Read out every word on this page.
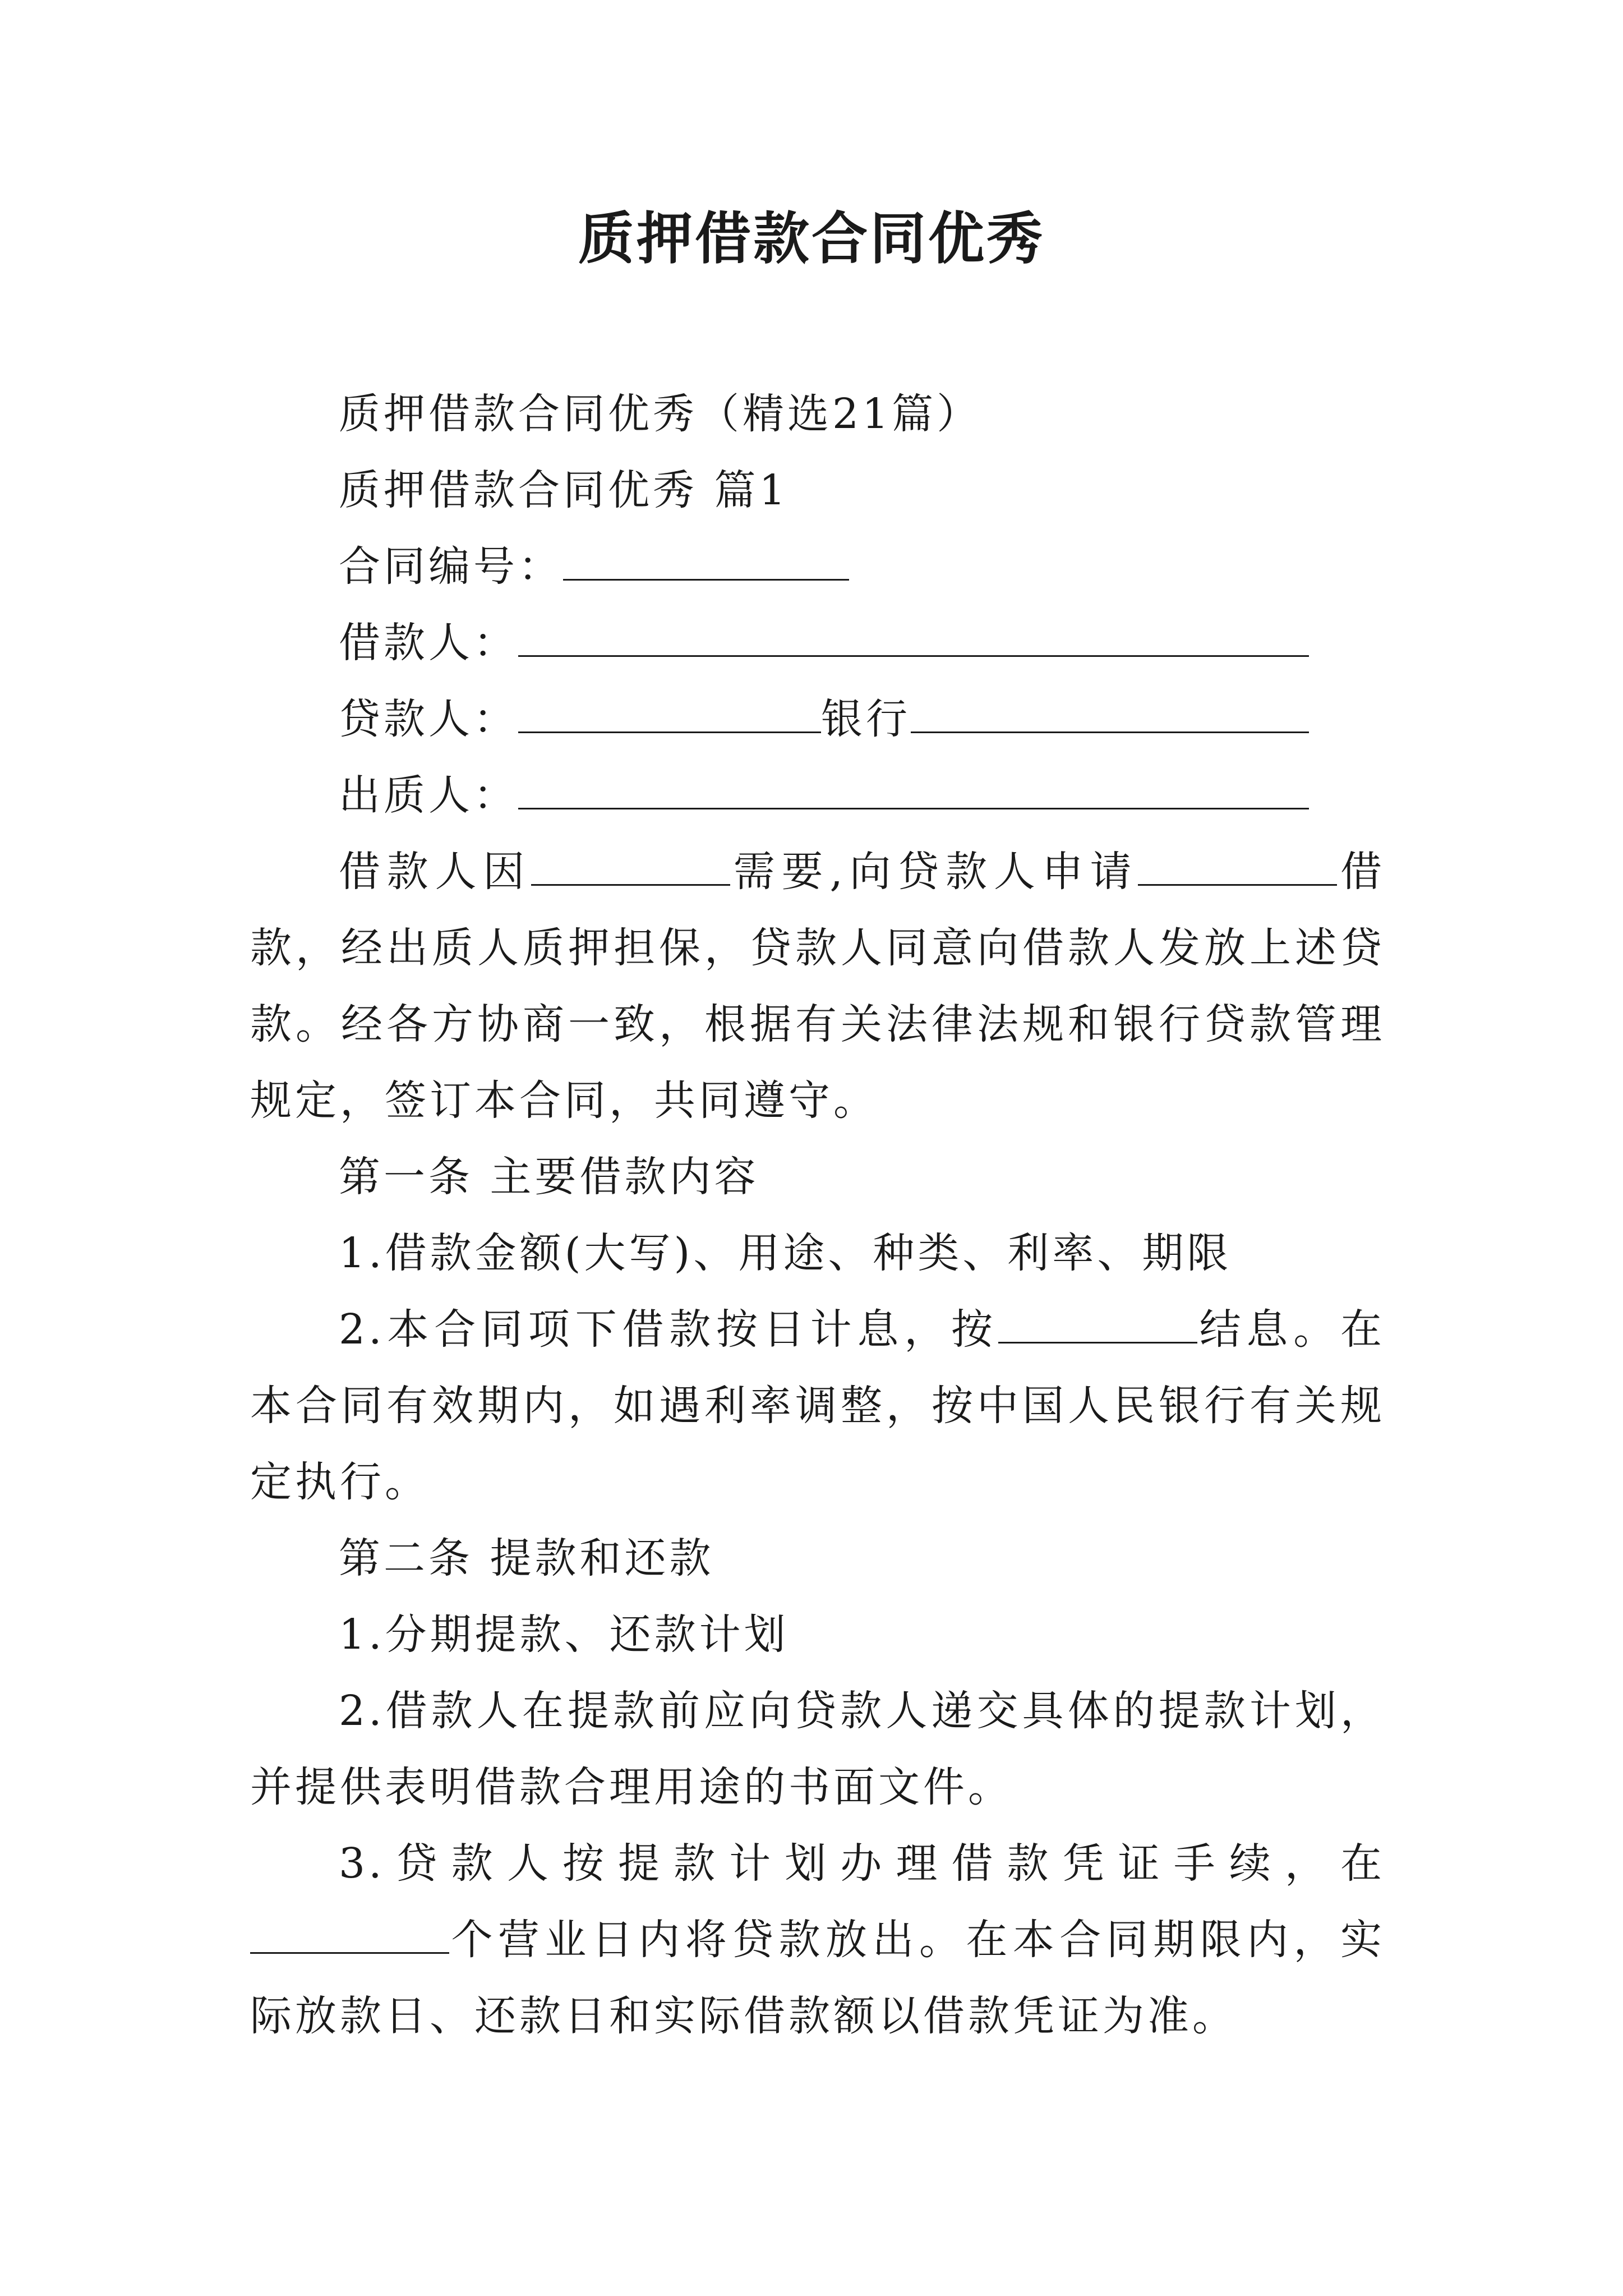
质押借款合同优秀

质押借款合同优秀（精选21篇）

质押借款合同优秀 篇1

合同编号：

借款人：

贷款人：	银行

出质人：

借款人因	需要,向贷款人申请	借款，经出质人质押担保，贷款人同意向借款人发放上述贷款。经各方协商一致，根据有关法律法规和银行贷款管理规定，签订本合同，共同遵守。

第一条 主要借款内容

1.借款金额(大写)、用途、种类、利率、期限

2.本合同项下借款按日计息，按	结息。在本合同有效期内，如遇利率调整，按中国人民银行有关规定执行。

第二条 提款和还款

1.分期提款、还款计划

2.借款人在提款前应向贷款人递交具体的提款计划，并提供表明借款合理用途的书面文件。

3.贷款人按提款计划办理借款凭证手续，在个营业日内将贷款放出。在本合同期限内，实际放款日、还款日和实际借款额以借款凭证为准。
